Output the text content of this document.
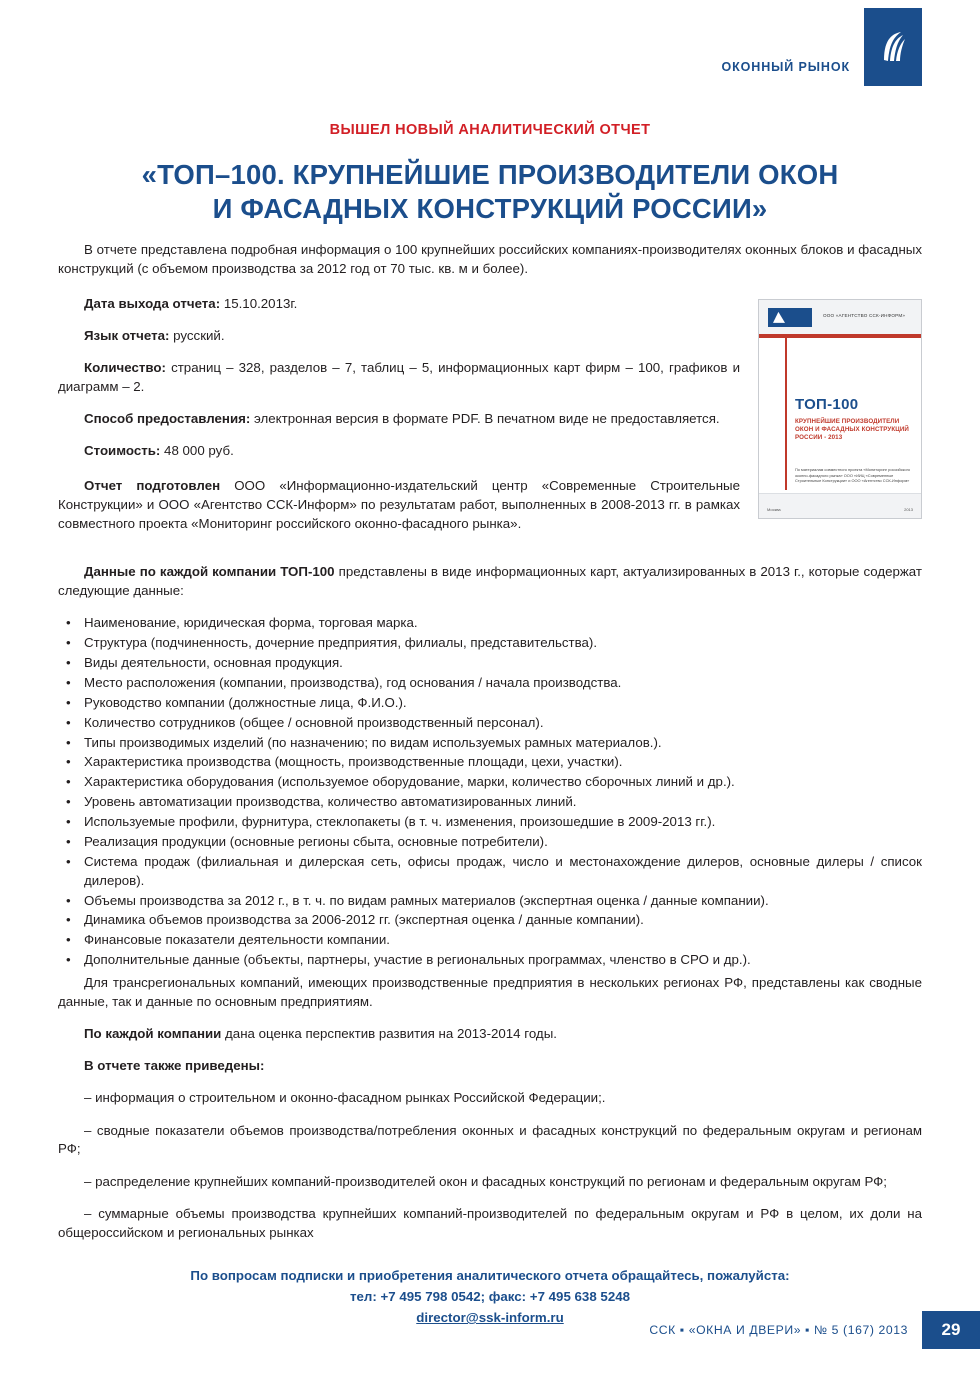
ОКОННЫЙ РЫНОК
ВЫШЕЛ НОВЫЙ АНАЛИТИЧЕСКИЙ ОТЧЕТ
«ТОП–100. КРУПНЕЙШИЕ ПРОИЗВОДИТЕЛИ ОКОН
И ФАСАДНЫХ КОНСТРУКЦИЙ РОССИИ»

В отчете представлена подробная информация о 100 крупнейших российских компаниях-производителях оконных блоков и фасадных конструкций (с объемом производства за 2012 год от 70 тыс. кв. м и более).

ООО «АГЕНТСТВО ССК-ИНФОРМ»
ТОП-100
КРУПНЕЙШИЕ ПРОИЗВОДИТЕЛИ ОКОН И ФАСАДНЫХ КОНСТРУКЦИЙ РОССИИ - 2013
По материалам совместного проекта «Мониторинг российского оконно-фасадного рынка» ООО «ИИЦ «Современные Строительные Конструкции» и ООО «Агентство ССК-Информ»
Москва	2013

Дата выхода отчета: 15.10.2013г.

Язык отчета: русский.

Количество: страниц – 328, разделов – 7, таблиц – 5, информационных карт фирм – 100, графиков и диаграмм – 2.

Способ предоставления: электронная версия в формате PDF. В печатном виде не предоставляется.

Стоимость: 48 000 руб.

Отчет подготовлен ООО «Информационно-издательский центр «Современные Строительные Конструкции» и ООО «Агентство ССК-Информ» по результатам работ, выполненных в 2008-2013 гг. в рамках совместного проекта «Мониторинг российского оконно-фасадного рынка».

Данные по каждой компании ТОП-100 представлены в виде информационных карт, актуализированных в 2013 г., которые содержат следующие данные:

• Наименование, юридическая форма, торговая марка.
• Структура (подчиненность, дочерние предприятия, филиалы, представительства).
• Виды деятельности, основная продукция.
• Место расположения (компании, производства), год основания / начала производства.
• Руководство компании (должностные лица, Ф.И.О.).
• Количество сотрудников (общее / основной производственный персонал).
• Типы производимых изделий (по назначению; по видам используемых рамных материалов.).
• Характеристика производства (мощность, производственные площади, цехи, участки).
• Характеристика оборудования (используемое оборудование, марки, количество сборочных линий и др.).
• Уровень автоматизации производства, количество автоматизированных линий.
• Используемые профили, фурнитура, стеклопакеты (в т. ч. изменения, произошедшие в 2009-2013 гг.).
• Реализация продукции (основные регионы сбыта, основные потребители).
• Система продаж (филиальная и дилерская сеть, офисы продаж, число и местонахождение дилеров, основные дилеры / список дилеров).
• Объемы производства за 2012 г., в т. ч. по видам рамных материалов (экспертная оценка / данные компании).
• Динамика объемов производства за 2006-2012 гг. (экспертная оценка / данные компании).
• Финансовые показатели деятельности компании.
• Дополнительные данные (объекты, партнеры, участие в региональных программах, членство в СРО и др.).

Для трансрегиональных компаний, имеющих производственные предприятия в нескольких регионах РФ, представлены как сводные данные, так и данные по основным предприятиям.

По каждой компании дана оценка перспектив развития на 2013-2014 годы.

В отчете также приведены:

– информация о строительном и оконно-фасадном рынках Российской Федерации;.

– сводные показатели объемов производства/потребления оконных и фасадных конструкций по федеральным округам и регионам РФ;

– распределение крупнейших компаний-производителей окон и фасадных конструкций по регионам и федеральным округам РФ;

– суммарные объемы производства крупнейших компаний-производителей по федеральным округам и РФ в целом, их доли на общероссийском и региональных рынках

По вопросам подписки и приобретения аналитического отчета обращайтесь, пожалуйста:
тел: +7 495 798 0542; факс: +7 495 638 5248
director@ssk-inform.ru
ССК ▪ «ОКНА И ДВЕРИ» ▪ № 5 (167) 2013	29
